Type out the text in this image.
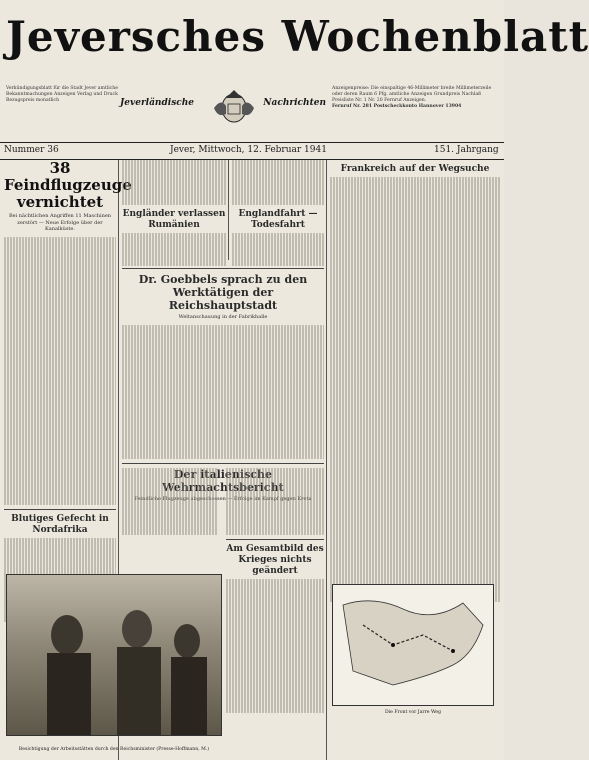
Jeversches Wochenblatt
Verkündigungsblatt für die Stadt Jever amtliche Bekanntmachungen Anzeigen Verlag und Druck Bezugspreis monatlich	Jeverländische	Nachrichten
Anzeigenpreise: Die einspaltige 46-Millimeter breite Millimeterzeile oder deren Raum 6 Pfg. amtliche Anzeigen Grundpreis Nachlaß Preisliste Nr. 1 Nr. 20 Fernruf Anzeigen.
Fernruf Nr. 281 Postscheckkonto Hannover 13904
Nummer 36	Jever, Mittwoch, 12. Februar 1941	151. Jahrgang
38 Feindflugzeuge vernichtet
Bei nächtlichen Angriffen 11 Maschinen zerstört — Neue Erfolge über der Kanalküste.
Blutiges Gefecht in Nordafrika
Engländer verlassen Rumänien
Englandfahrt — Todesfahrt
Dr. Goebbels sprach zu den Werktätigen der Reichshauptstadt
Weltanschauung in der Fabrikhalle
Der italienische Wehrmachtsbericht
Feindliche Flugzeuge abgeschossen — Erfolge im Kampf gegen Kreta
Am Gesamtbild des Krieges nichts geändert
Frankreich auf der Wegsuche
Besichtigung der Arbeitsstätten durch den Reichsminister (Presse-Hoffmann, M.)
Die Front vor Jarre Weg
